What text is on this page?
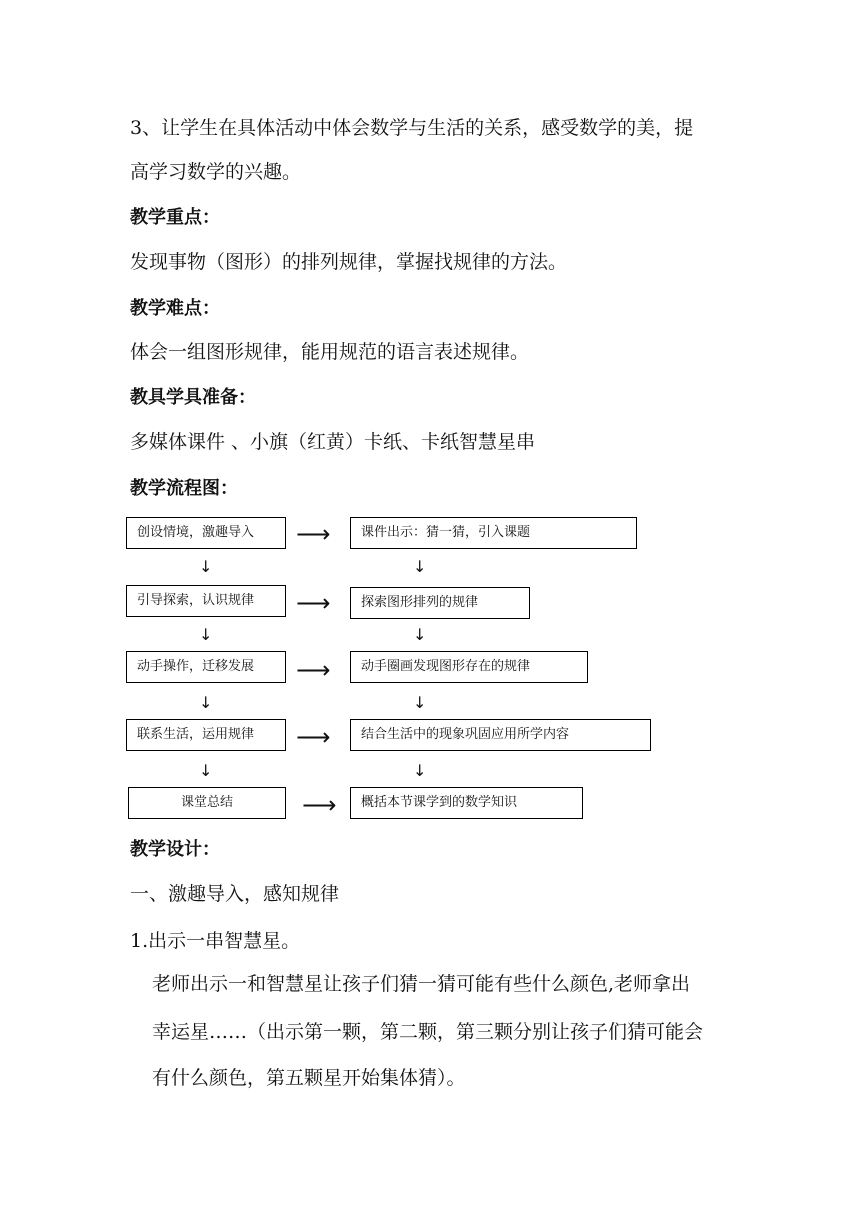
3、让学生在具体活动中体会数学与生活的关系，感受数学的美，提
高学习数学的兴趣。
教学重点：
发现事物（图形）的排列规律，掌握找规律的方法。
教学难点：
体会一组图形规律，能用规范的语言表述规律。
教具学具准备：
多媒体课件 、小旗（红黄）卡纸、卡纸智慧星串
教学流程图：
创设情境，激趣导入	⟶	课件出示：猜一猜，引入课题
↓	↓
引导探索，认识规律	⟶	探索图形排列的规律
↓	↓
动手操作，迁移发展	⟶	动手圈画发现图形存在的规律
↓	↓
联系生活，运用规律	⟶	结合生活中的现象巩固应用所学内容
↓	↓
课堂总结	⟶	概括本节课学到的数学知识
教学设计：
一、激趣导入，感知规律
1.出示一串智慧星。
老师出示一和智慧星让孩子们猜一猜可能有些什么颜色,老师拿出
幸运星……（出示第一颗，第二颗，第三颗分别让孩子们猜可能会
有什么颜色，第五颗星开始集体猜）。
